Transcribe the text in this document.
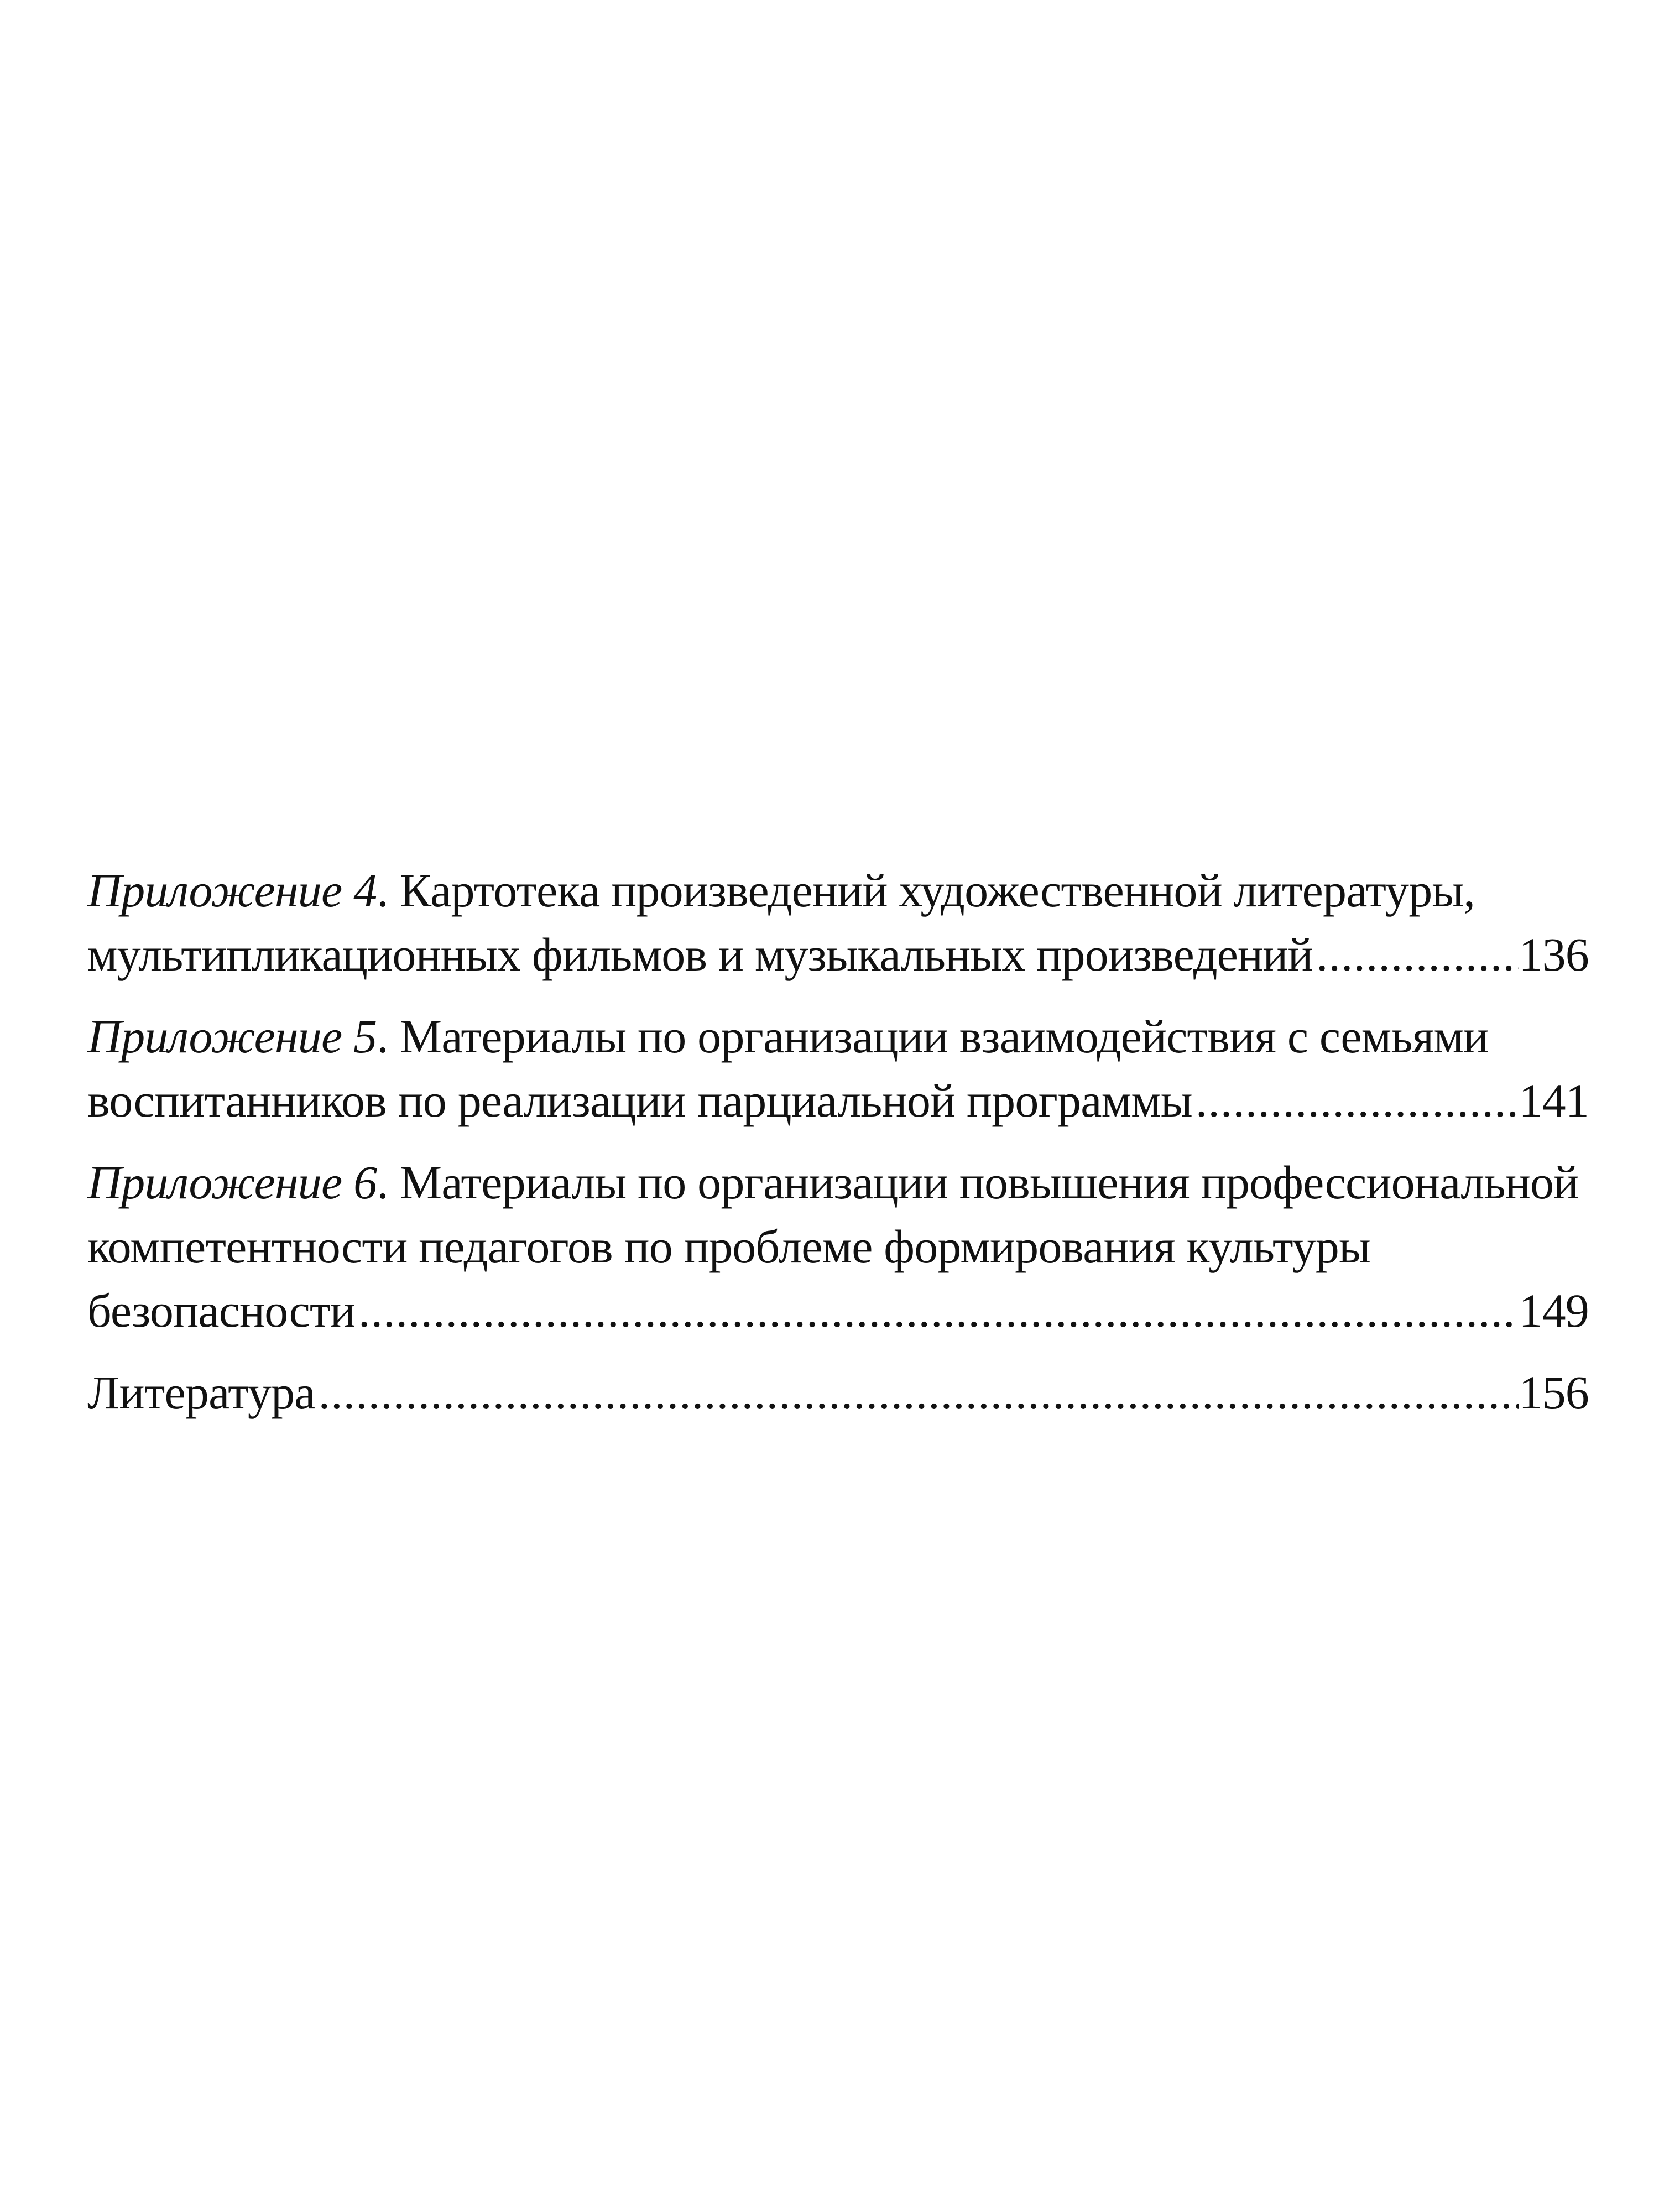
Приложение 4. Картотека произведений художественной литературы,
мультипликационных фильмов и музыкальных произведений .....	136
Приложение 5. Материалы по организации взаимодействия с семьями
воспитанников по реализации парциальной программы .....	141
Приложение 6. Материалы по организации повышения профессиональной
компетентности педагогов по проблеме формирования культуры
безопасности .....	149
Литература .....	156
